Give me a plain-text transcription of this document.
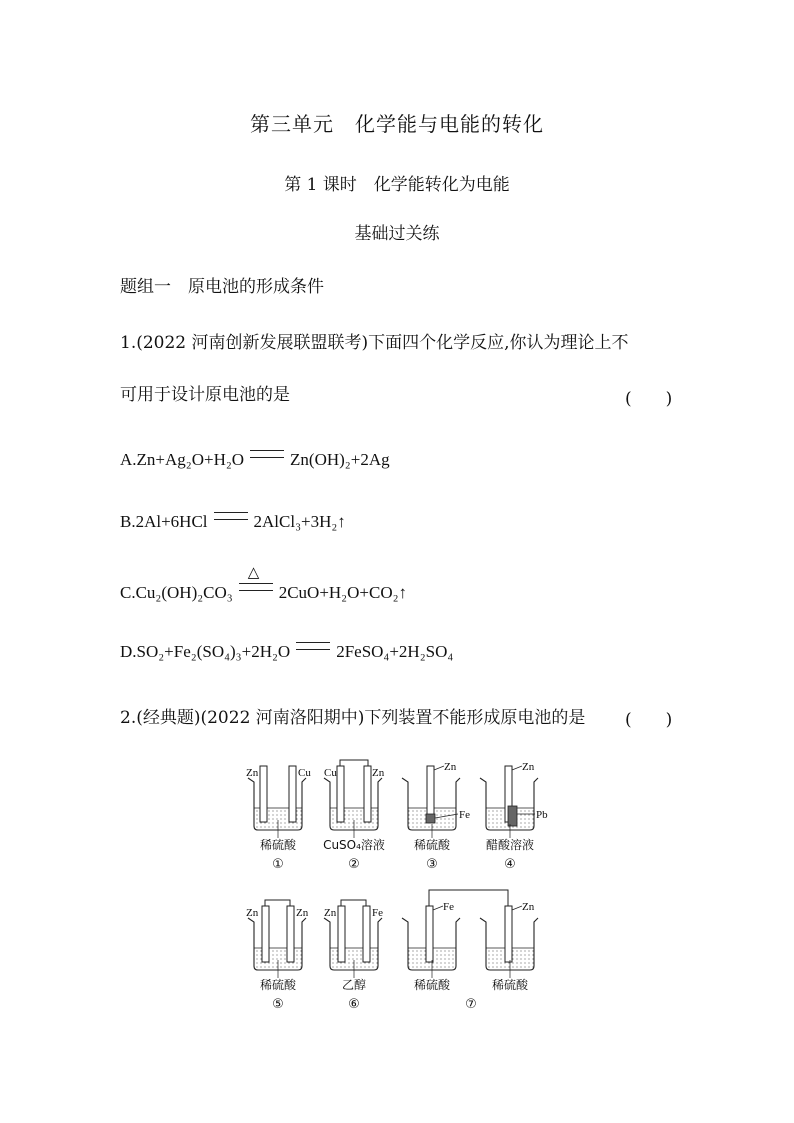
第三单元　化学能与电能的转化
第 1 课时　化学能转化为电能
基础过关练
题组一　原电池的形成条件
1.(2022 河南创新发展联盟联考)下面四个化学反应,你认为理论上不
可用于设计原电池的是	(　　)
A.Zn+Ag₂O+H₂O	Zn(OH)₂+2Ag
B.2Al+6HCl	2AlCl₃+3H₂↑
C.Cu₂(OH)₂CO₃
△
2CuO+H₂O+CO₂↑
D.SO₂+Fe₂(SO₄)₃+2H₂O	2FeSO₄+2H₂SO₄
2.(经典题)(2022 河南洛阳期中)下列装置不能形成原电池的是 (　　)
Zn	Cu
稀硫酸
①
Cu	Zn
CuSO₄溶液
②
Zn
Fe
稀硫酸
③
Zn
Pb
醋酸溶液
④
Zn	Zn
稀硫酸
⑤
Zn	Fe
乙醇
⑥
Fe	Zn
稀硫酸	稀硫酸
⑦
